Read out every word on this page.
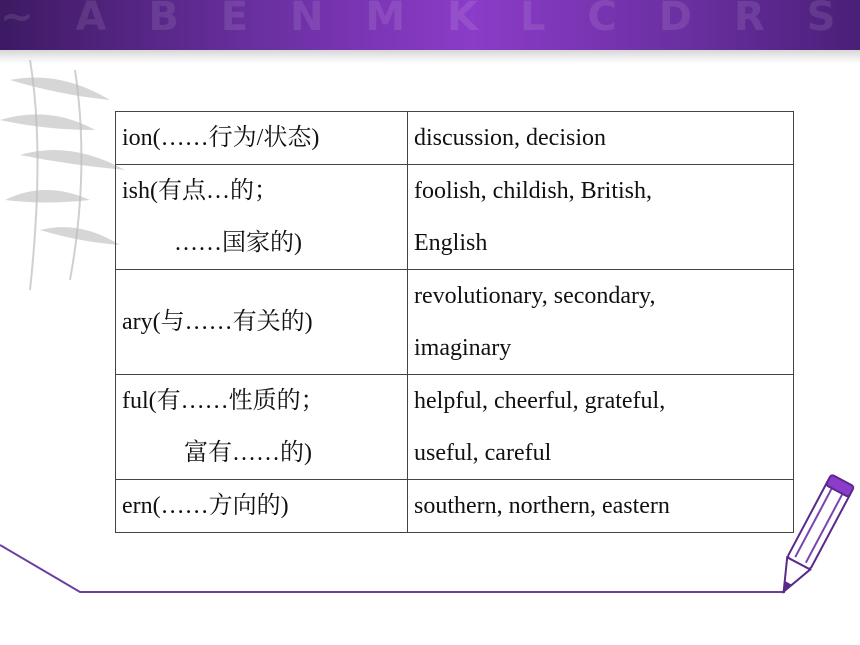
~ A B E N M K L C D R S
ion(……行为/状态)	discussion, decision

ish(有点…的；
……国家的)	foolish, childish, British,
English

ary(与……有关的)	revolutionary, secondary,
imaginary

ful(有……性质的；
富有……的)	helpful, cheerful, grateful,
useful, careful

ern(……方向的)	southern, northern, eastern
